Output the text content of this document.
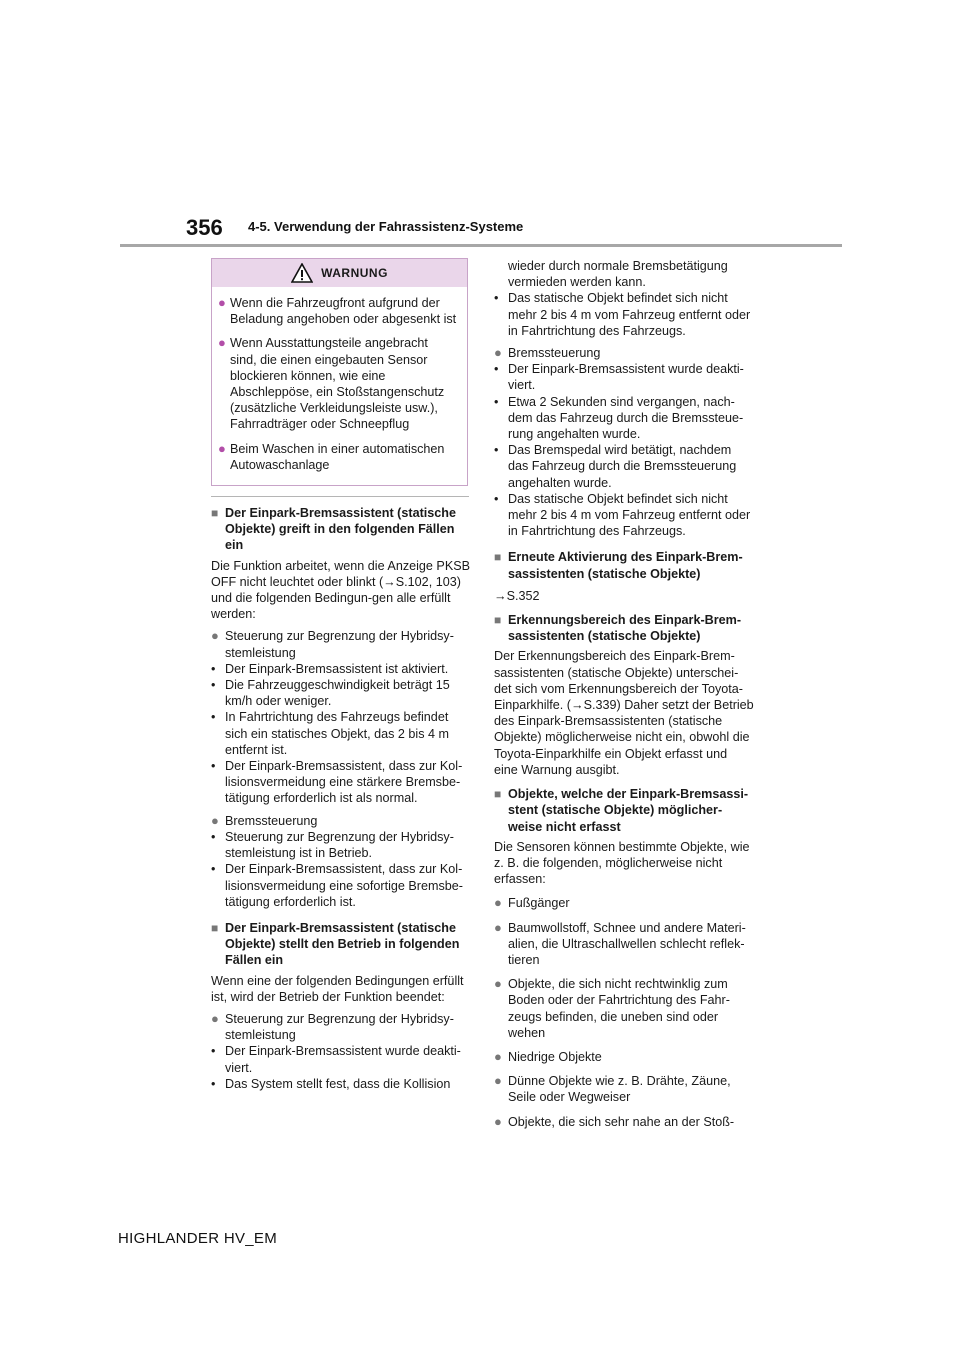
356 4-5. Verwendung der Fahrassistenz-Systeme
WARNUNG
● Wenn die Fahrzeugfront aufgrund der Beladung angehoben oder abgesenkt ist
● Wenn Ausstattungsteile angebracht sind, die einen eingebauten Sensor blockieren können, wie eine Abschleppöse, ein Stoßstangenschutz (zusätzliche Verkleidungsleiste usw.), Fahrradträger oder Schneepflug
● Beim Waschen in einer automatischen Autowaschanlage
■ Der Einpark-Bremsassistent (statische Objekte) greift in den folgenden Fällen ein
Die Funktion arbeitet, wenn die Anzeige PKSB OFF nicht leuchtet oder blinkt (→S.102, 103) und die folgenden Bedingun-gen alle erfüllt werden:
● Steuerung zur Begrenzung der Hybridsy-stemleistung
• Der Einpark-Bremsassistent ist aktiviert.
• Die Fahrzeuggeschwindigkeit beträgt 15 km/h oder weniger.
• In Fahrtrichtung des Fahrzeugs befindet sich ein statisches Objekt, das 2 bis 4 m entfernt ist.
• Der Einpark-Bremsassistent, dass zur Kol-lisionsvermeidung eine stärkere Bremsbe-tätigung erforderlich ist als normal.
● Bremssteuerung
• Steuerung zur Begrenzung der Hybridsy-stemleistung ist in Betrieb.
• Der Einpark-Bremsassistent, dass zur Kol-lisionsvermeidung eine sofortige Bremsbe-tätigung erforderlich ist.
■ Der Einpark-Bremsassistent (statische Objekte) stellt den Betrieb in folgenden Fällen ein
Wenn eine der folgenden Bedingungen erfüllt ist, wird der Betrieb der Funktion beendet:
● Steuerung zur Begrenzung der Hybridsy-stemleistung
• Der Einpark-Bremsassistent wurde deakti-viert.
• Das System stellt fest, dass die Kollision
wieder durch normale Bremsbetätigung vermieden werden kann.
• Das statische Objekt befindet sich nicht mehr 2 bis 4 m vom Fahrzeug entfernt oder in Fahrtrichtung des Fahrzeugs.
● Bremssteuerung
• Der Einpark-Bremsassistent wurde deakti-viert.
• Etwa 2 Sekunden sind vergangen, nach-dem das Fahrzeug durch die Bremssteue-rung angehalten wurde.
• Das Bremspedal wird betätigt, nachdem das Fahrzeug durch die Bremssteuerung angehalten wurde.
• Das statische Objekt befindet sich nicht mehr 2 bis 4 m vom Fahrzeug entfernt oder in Fahrtrichtung des Fahrzeugs.
■ Erneute Aktivierung des Einpark-Brem-sassistenten (statische Objekte)
→S.352
■ Erkennungsbereich des Einpark-Brem-sassistenten (statische Objekte)
Der Erkennungsbereich des Einpark-Brem-sassistenten (statische Objekte) unterschei-det sich vom Erkennungsbereich der Toyota-Einparkhilfe. (→S.339) Daher setzt der Betrieb des Einpark-Bremsassistenten (statische Objekte) möglicherweise nicht ein, obwohl die Toyota-Einparkhilfe ein Objekt erfasst und eine Warnung ausgibt.
■ Objekte, welche der Einpark-Bremsassi-stent (statische Objekte) möglicher-weise nicht erfasst
Die Sensoren können bestimmte Objekte, wie z. B. die folgenden, möglicherweise nicht erfassen:
● Fußgänger
● Baumwollstoff, Schnee und andere Materi-alien, die Ultraschallwellen schlecht reflek-tieren
● Objekte, die sich nicht rechtwinklig zum Boden oder der Fahrtrichtung des Fahr-zeugs befinden, die uneben sind oder wehen
● Niedrige Objekte
● Dünne Objekte wie z. B. Drähte, Zäune, Seile oder Wegweiser
● Objekte, die sich sehr nahe an der Stoß-
HIGHLANDER HV_EM
